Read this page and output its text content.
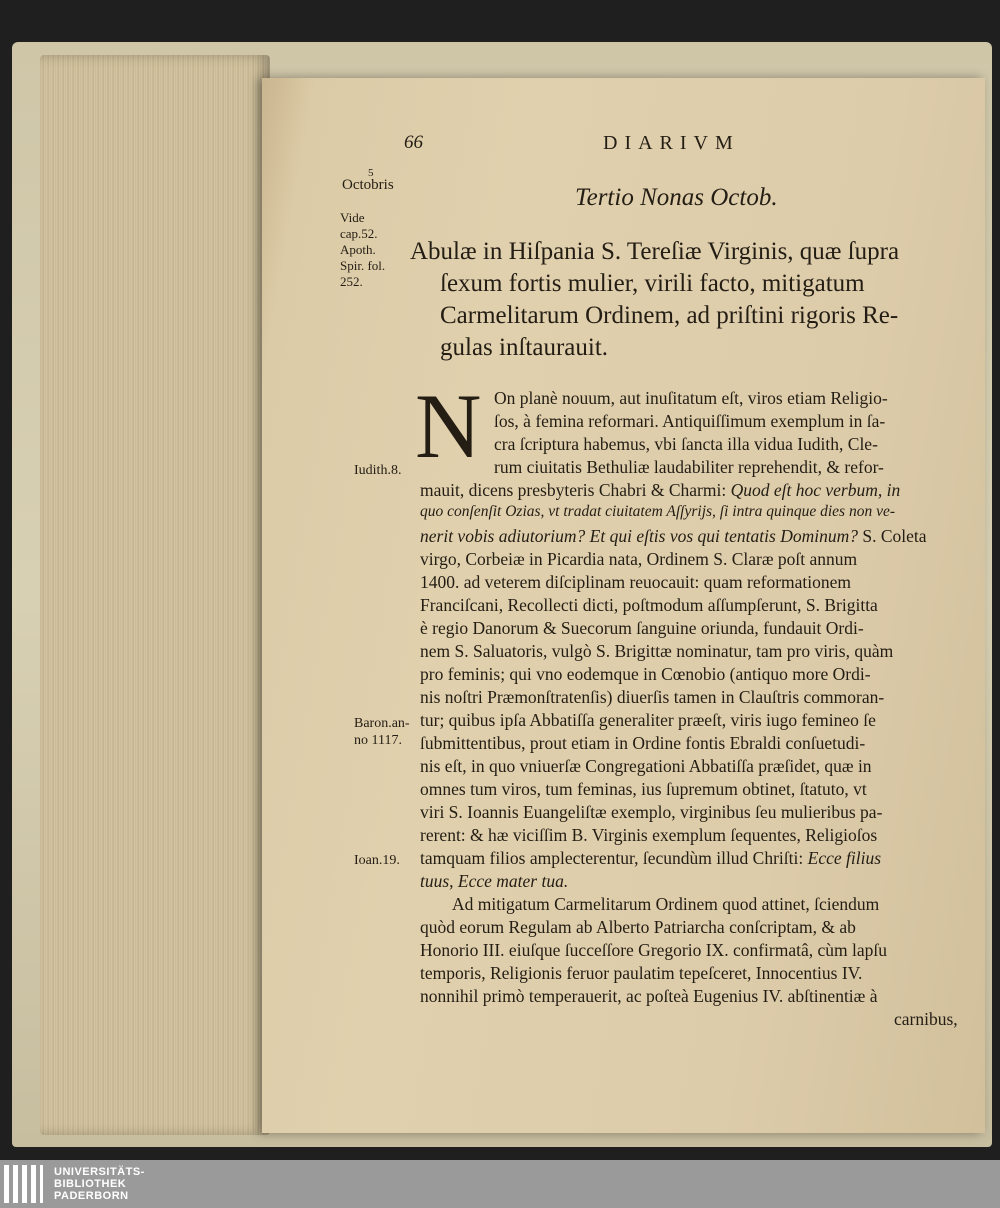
66	DIARIVM
Tertio Nonas Octob.
5
Octobris
Vide
cap.52.
Apoth.
Spir. fol.
252.
Iudith.8.
Baron.an-
no 1117.
Ioan.19.
Abulæ in Hiſpania S. Tereſiæ Virginis, quæ ſupra
ſexum fortis mulier, virili facto, mitigatum
Carmelitarum Ordinem, ad priſtini rigoris Re-
gulas inſtaurauit.
N On planè nouum, aut inuſitatum eſt, viros etiam Religio-
ſos, à femina reformari. Antiquiſſimum exemplum in ſa-
cra ſcriptura habemus, vbi ſancta illa vidua Iudith, Cle-
rum ciuitatis Bethuliæ laudabiliter reprehendit, & refor-
mauit, dicens presbyteris Chabri & Charmi: Quod eſt hoc verbum, in
quo conſenſit Ozias, vt tradat ciuitatem Aſſyrijs, ſi intra quinque dies non ve-
nerit vobis adiutorium? Et qui eſtis vos qui tentatis Dominum? S. Coleta
virgo, Corbeiæ in Picardia nata, Ordinem S. Claræ poſt annum
1400. ad veterem diſciplinam reuocauit: quam reformationem
Franciſcani, Recollecti dicti, poſtmodum aſſumpſerunt, S. Brigitta
è regio Danorum & Suecorum ſanguine oriunda, fundauit Ordi-
nem S. Saluatoris, vulgò S. Brigittæ nominatur, tam pro viris, quàm
pro feminis; qui vno eodemque in Cœnobio (antiquo more Ordi-
nis noſtri Præmonſtratenſis) diuerſis tamen in Clauſtris commoran-
tur; quibus ipſa Abbatiſſa generaliter præeſt, viris iugo femineo ſe
ſubmittentibus, prout etiam in Ordine fontis Ebraldi conſuetudi-
nis eſt, in quo vniuerſæ Congregationi Abbatiſſa præſidet, quæ in
omnes tum viros, tum feminas, ius ſupremum obtinet, ſtatuto, vt
viri S. Ioannis Euangeliſtæ exemplo, virginibus ſeu mulieribus pa-
rerent: & hæ viciſſim B. Virginis exemplum ſequentes, Religioſos
tamquam filios amplecterentur, ſecundùm illud Chriſti: Ecce filius
tuus, Ecce mater tua.
Ad mitigatum Carmelitarum Ordinem quod attinet, ſciendum
quòd eorum Regulam ab Alberto Patriarcha conſcriptam, & ab
Honorio III. eiuſque ſucceſſore Gregorio IX. confirmatâ, cùm lapſu
temporis, Religionis feruor paulatim tepeſceret, Innocentius IV.
nonnihil primò temperauerit, ac poſteà Eugenius IV. abſtinentiæ à
carnibus,
UNIVERSITÄTS-
BIBLIOTHEK
PADERBORN
